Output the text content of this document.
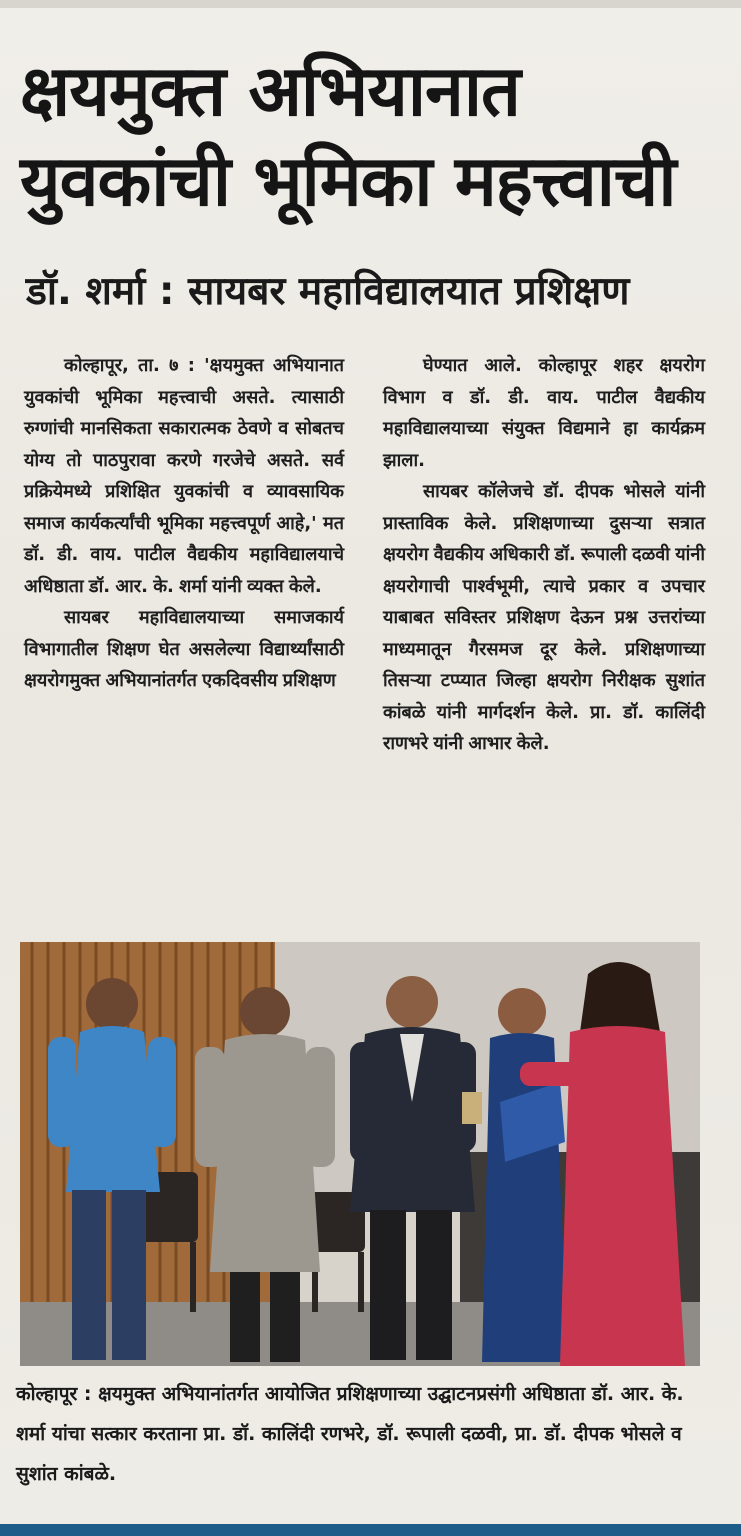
क्षयमुक्त अभियानात
युवकांची भूमिका महत्त्वाची
डॉ. शर्मा : सायबर महाविद्यालयात प्रशिक्षण

कोल्हापूर, ता. ७ : 'क्षयमुक्त अभियानात युवकांची भूमिका महत्त्वाची असते. त्यासाठी रुग्णांची मानसिकता सकारात्मक ठेवणे व सोबतच योग्य तो पाठपुरावा करणे गरजेचे असते. सर्व प्रक्रियेमध्ये प्रशिक्षित युवकांची व व्यावसायिक समाज कार्यकर्त्यांची भूमिका महत्त्वपूर्ण आहे,' मत डॉ. डी. वाय. पाटील वैद्यकीय महाविद्यालयाचे अधिष्ठाता डॉ. आर. के. शर्मा यांनी व्यक्त केले.

सायबर महाविद्यालयाच्या समाजकार्य विभागातील शिक्षण घेत असलेल्या विद्यार्थ्यांसाठी क्षयरोगमुक्त अभियानांतर्गत एकदिवसीय प्रशिक्षण

घेण्यात आले. कोल्हापूर शहर क्षयरोग विभाग व डॉ. डी. वाय. पाटील वैद्यकीय महाविद्यालयाच्या संयुक्त विद्यमाने हा कार्यक्रम झाला.

सायबर कॉलेजचे डॉ. दीपक भोसले यांनी प्रास्ताविक केले. प्रशिक्षणाच्या दुसऱ्या सत्रात क्षयरोग वैद्यकीय अधिकारी डॉ. रूपाली दळवी यांनी क्षयरोगाची पार्श्वभूमी, त्याचे प्रकार व उपचार याबाबत सविस्तर प्रशिक्षण देऊन प्रश्न उत्तरांच्या माध्यमातून गैरसमज दूर केले. प्रशिक्षणाच्या तिसऱ्या टप्प्यात जिल्हा क्षयरोग निरीक्षक सुशांत कांबळे यांनी मार्गदर्शन केले. प्रा. डॉ. कालिंदी राणभरे यांनी आभार केले.

कोल्हापूर : क्षयमुक्त अभियानांतर्गत आयोजित प्रशिक्षणाच्या उद्घाटनप्रसंगी अधिष्ठाता डॉ. आर. के. शर्मा यांचा सत्कार करताना प्रा. डॉ. कालिंदी रणभरे, डॉ. रूपाली दळवी, प्रा. डॉ. दीपक भोसले व सुशांत कांबळे.
